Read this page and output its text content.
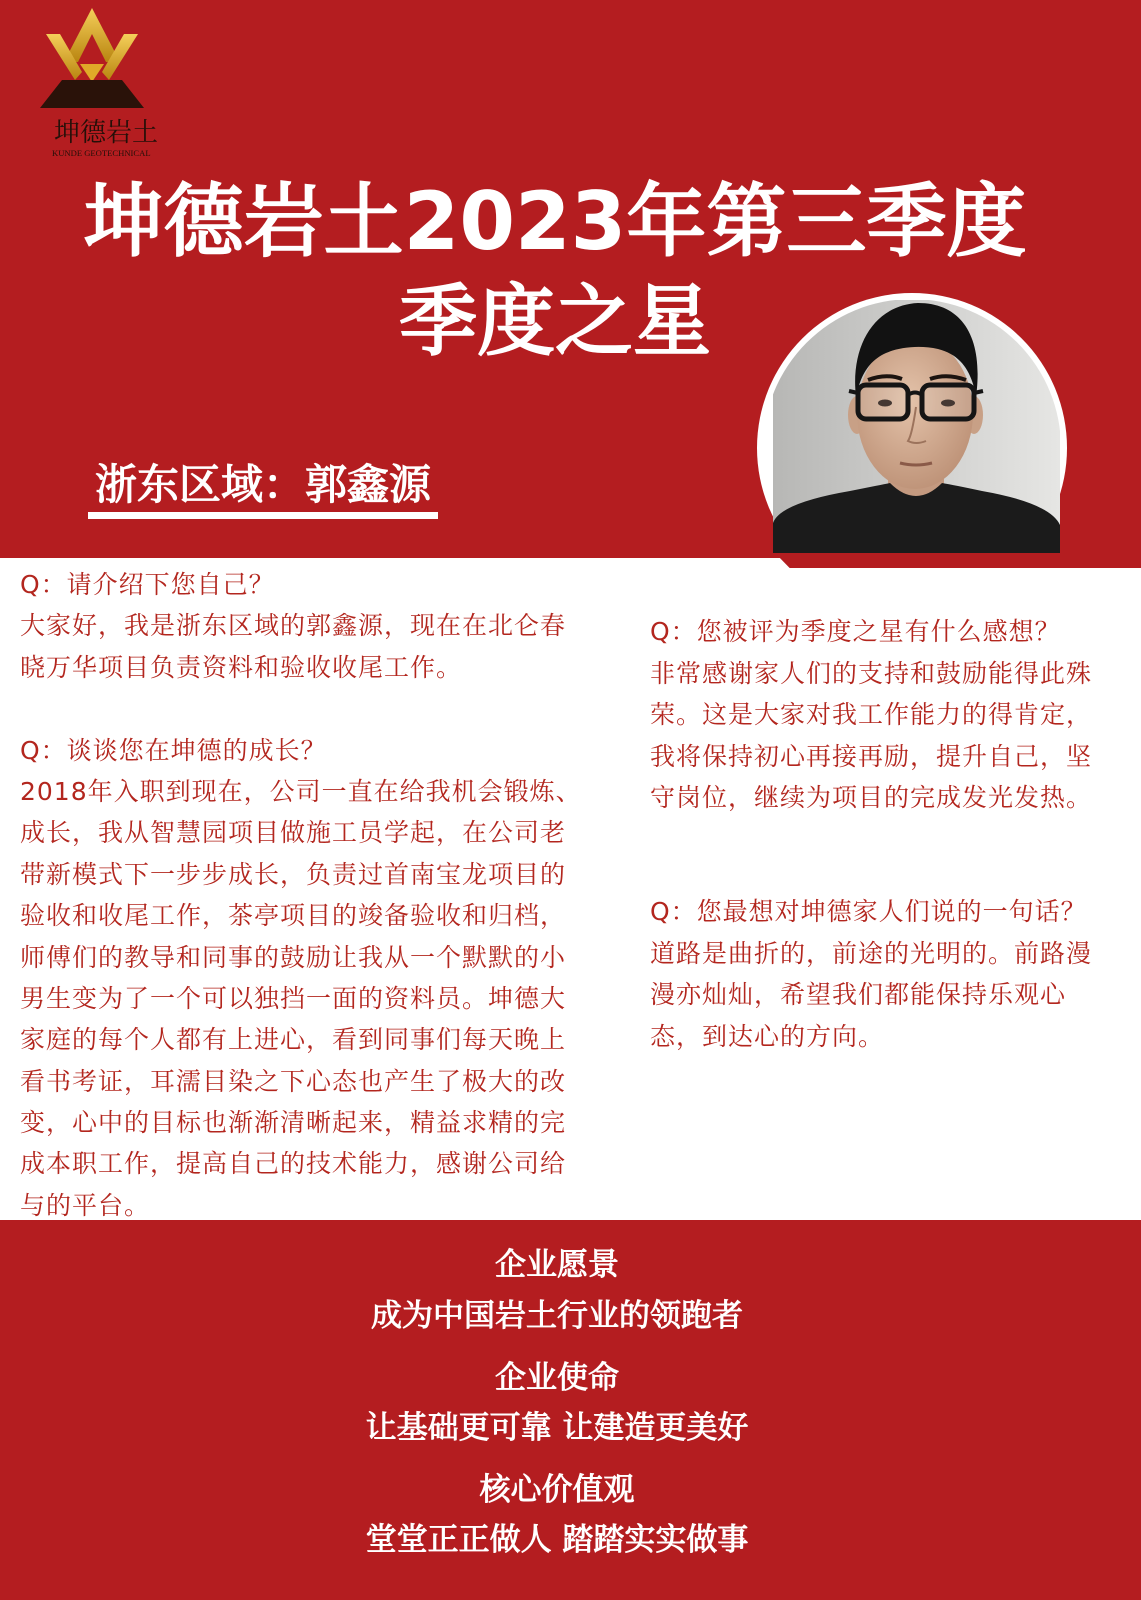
坤德岩土
KUNDE GEOTECHNICAL
坤德岩土2023年第三季度
季度之星
浙东区域：郭鑫源
Q：请介绍下您自己？
大家好，我是浙东区域的郭鑫源，现在在北仑春
晓万华项目负责资料和验收收尾工作。
Q：谈谈您在坤德的成长？
2018年入职到现在，公司一直在给我机会锻炼、
成长，我从智慧园项目做施工员学起，在公司老
带新模式下一步步成长，负责过首南宝龙项目的
验收和收尾工作，茶亭项目的竣备验收和归档，
师傅们的教导和同事的鼓励让我从一个默默的小
男生变为了一个可以独挡一面的资料员。坤德大
家庭的每个人都有上进心，看到同事们每天晚上
看书考证，耳濡目染之下心态也产生了极大的改
变，心中的目标也渐渐清晰起来，精益求精的完
成本职工作，提高自己的技术能力，感谢公司给
与的平台。
Q：您被评为季度之星有什么感想？
非常感谢家人们的支持和鼓励能得此殊
荣。这是大家对我工作能力的得肯定，
我将保持初心再接再励，提升自己，坚
守岗位，继续为项目的完成发光发热。
Q：您最想对坤德家人们说的一句话？
道路是曲折的，前途的光明的。前路漫
漫亦灿灿，希望我们都能保持乐观心
态，到达心的方向。
企业愿景
成为中国岩土行业的领跑者
企业使命
让基础更可靠 让建造更美好
核心价值观
堂堂正正做人 踏踏实实做事
